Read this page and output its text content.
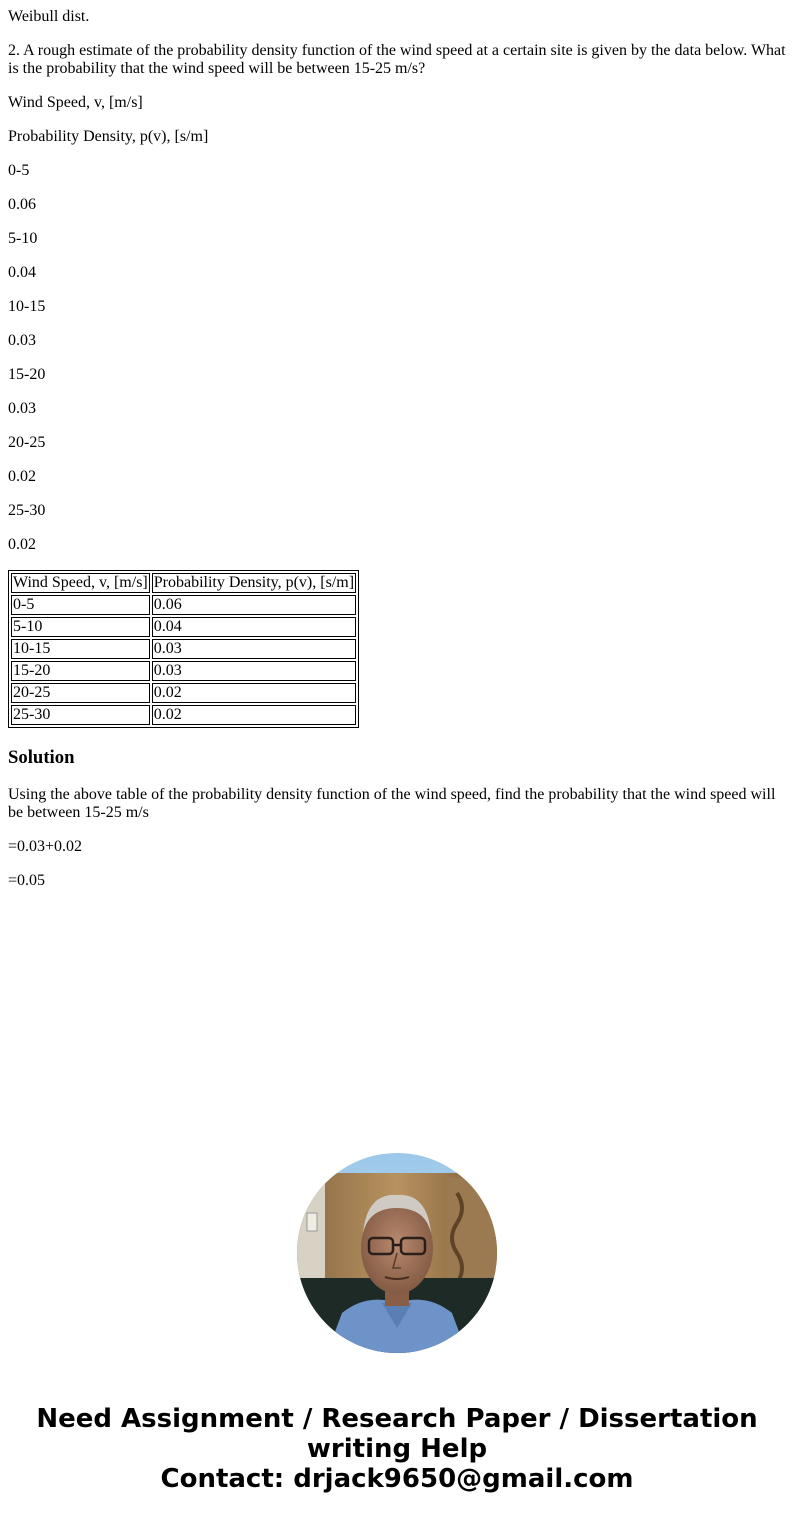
Weibull dist.

2. A rough estimate of the probability density function of the wind speed at a certain site is given by the data below. What is the probability that the wind speed will be between 15-25 m/s?

Wind Speed, v, [m/s]

Probability Density, p(v), [s/m]

0-5

0.06

5-10

0.04

10-15

0.03

15-20

0.03

20-25

0.02

25-30

0.02

Wind Speed, v, [m/s]	Probability Density, p(v), [s/m]
0-5	0.06
5-10	0.04
10-15	0.03
15-20	0.03
20-25	0.02
25-30	0.02
Solution

Using the above table of the probability density function of the wind speed, find the probability that the wind speed will be between 15-25 m/s

=0.03+0.02

=0.05

Need Assignment / Research Paper / Dissertation
writing Help
Contact: drjack9650@gmail.com
